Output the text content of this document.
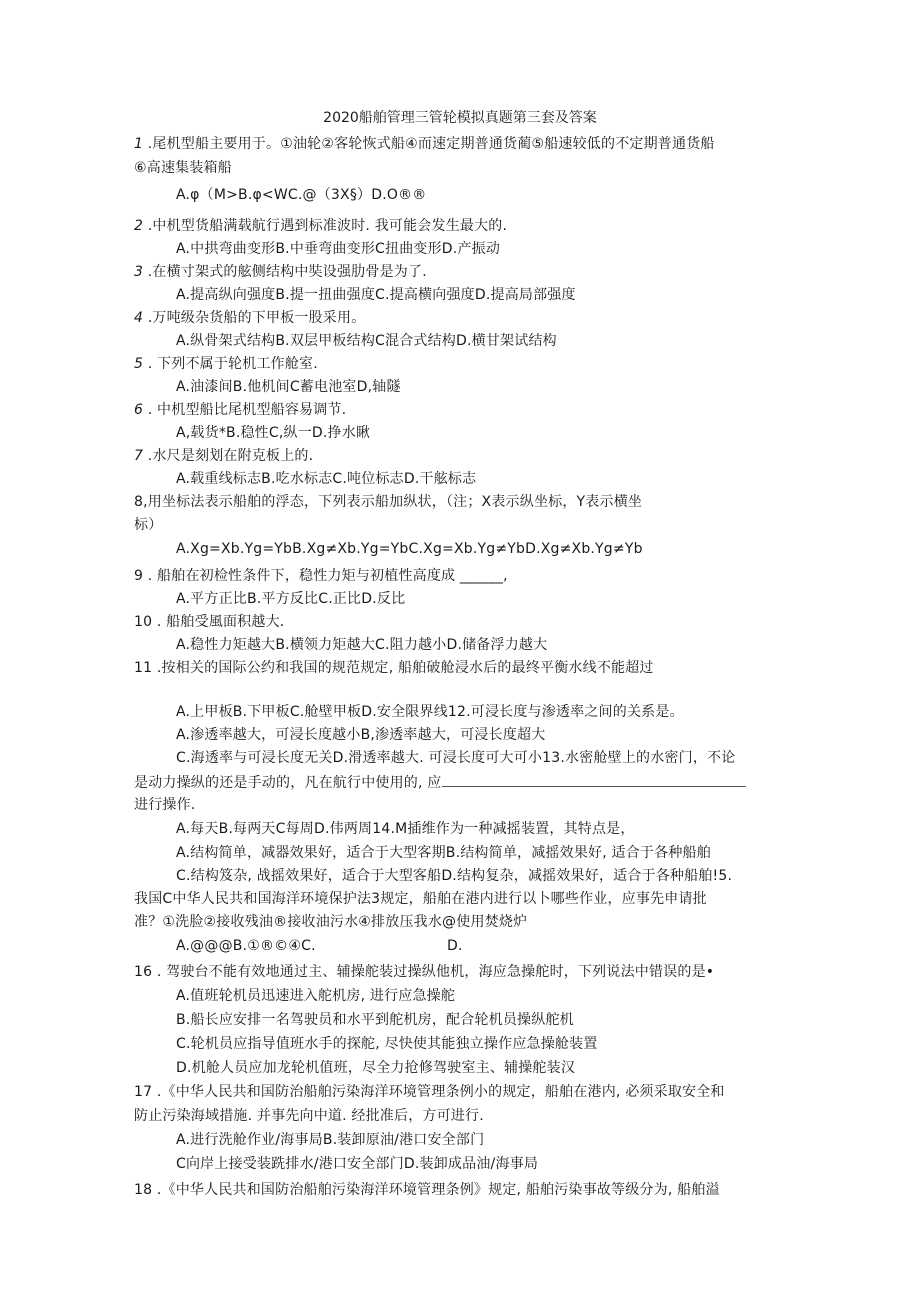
2020船舶管理三管轮模拟真题第三套及答案
1 .尾机型船主要用于。①油轮②客轮恢式船④而速定期普通货蔺⑤船速较低的不定期普通货船
⑥高速集装箱船
A.φ（M>B.φ<WC.@（3X§）D.O®®
2 .中机型货船满载航行遇到标准波时. 我可能会发生最大的.
A.中拱弯曲变形B.中垂弯曲变形C扭曲变形D.产振动
3 .在横寸架式的舷侧结构中奘设强肋骨是为了.
A.提高纵向强度B.提一扭曲强度C.提高横向强度D.提高局部强度
4 .万吨级杂货船的下甲板一股采用。
A.纵骨架式结构B.双层甲板结构C混合式结构D.横甘架试结构
5 . 下列不属于轮机工作舱室.
A.油漆间B.他机间C蓄电池室D,轴隧
6 . 中机型船比尾机型船容易调节.
A,载货*B.稳性C,纵一D.挣水瞅
7 .水尺是刻划在附克板上的.
A.载重线标志B.吃水标志C.吨位标志D.干舷标志
8,用坐标法表示船舶的浮态，下列表示船加纵状，（注；X表示纵坐标，Y表示横坐
标）
A.Xg=Xb.Yg=YbB.Xg≠Xb.Yg=YbC.Xg=Xb.Yg≠YbD.Xg≠Xb.Yg≠Yb
9 . 船舶在初检性条件下，稳性力矩与初植性高度成 ______,
A.平方正比B.平方反比C.正比D.反比
10 . 船舶受風面积越大.
A.稳性力矩越大B.横领力矩越大C.阻力越小D.储备浮力越大
11 .按相关的国际公约和我国的规范规定, 船舶破舱浸水后的最终平衡水线不能超过
A.上甲板B.下甲板C.舱壁甲板D.安全限界线12.可浸长度与渗透率之间的关系是。
A.渗透率越大，可浸长度越小B,渗透率越大，可浸长度超大
C.海透率与可浸长度无关D.滑透率越大. 可浸长度可大可小13.水密舱壁上的水密门，不论
是动力操纵的还是手动的，凡在航行中使用的, 应
进行操作.
A.每天B.每两天C每周D.伟两周14.M插维作为一种减摇装置，其特点是，
A.结构简单，减器效果好，适合于大型客期B.结构简单，减摇效果好, 适合于各种船舶
C.结构笈杂, 战摇效果好，适合于大型客船D.结构复杂，减摇效果好，适合于各种船舶!5.
我国C中华人民共和国海洋环境保护法3规定，船舶在港内进行以卜哪些作业，应事先申请批
准？①洗脸②接收残油®接收油污水④排放压我水@使用焚烧炉
A.@@@B.①®©④C.	D.
16 . 驾驶台不能有效地通过主、辅操舵装过操纵他机，海应急操舵时，下列说法中错误的是•
A.值班轮机员迅速进入舵机房, 进行应急操舵
B.船长应安排一名驾驶员和水平到舵机房，配合轮机员操纵舵机
C.轮机员应指导值班水手的探舵, 尽快使其能独立操作应急操舱装置
D.机舱人员应加龙轮机值班，尽全力抢修驾驶室主、辅操舵装汉
17 .《中华人民共和国防治船舶污染海洋环境管理条例小的规定，船舶在港内, 必须采取安全和
防止污染海域措施. 并事先向中道. 经批准后，方可进行.
A.进行洗舱作业/海事局B.装卸原油/港口安全部门
C向岸上接受装跣排水/港口安全部门D.装卸成品油/海事局
18 .《中华人民共和国防治船舶污染海洋环境管理条例》规定, 船舶污染事故等级分为, 船舶溢
